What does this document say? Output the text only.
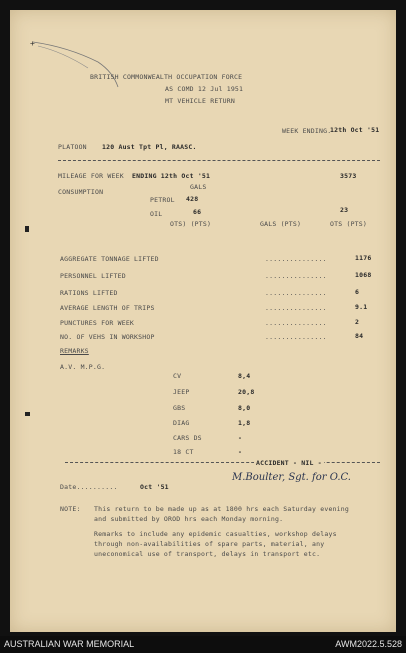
+
BRITISH COMMONWEALTH OCCUPATION FORCE
AS COMD 12 Jul 1951
MT VEHICLE RETURN
WEEK ENDING.
12th Oct '51
PLATOON 120 Aust Tpt Pl, RAASC.
MILEAGE FOR WEEK ENDING 12th Oct '51	3573
CONSUMPTION
GALS
PETROL 428
OIL	66	23
OTS) (PTS)	GALS (PTS)	OTS (PTS)
AGGREGATE TONNAGE LIFTED	...............	1176
PERSONNEL LIFTED	...............	1068
RATIONS LIFTED	...............	6
AVERAGE LENGTH OF TRIPS	...............	9.1
PUNCTURES FOR WEEK	...............	2
NO. OF VEHS IN WORKSHOP	...............	84
REMARKS
A.V. M.P.G.
CV	8,4
JEEP	20,8
GBS	8,0
DIAG	1,8
CARS DS	-
18 CT	-
ACCIDENT - NIL -
Date..........	Oct '51
M.Boulter, Sgt. for O.C.
NOTE: This return to be made up as at 1800 hrs each Saturday evening
and submitted by OROD hrs each Monday morning.
Remarks to include any epidemic casualties, workshop delays
through non-availabilities of spare parts, material, any
uneconomical use of transport, delays in transport etc.
AUSTRALIAN WAR MEMORIAL	AWM2022.5.528
